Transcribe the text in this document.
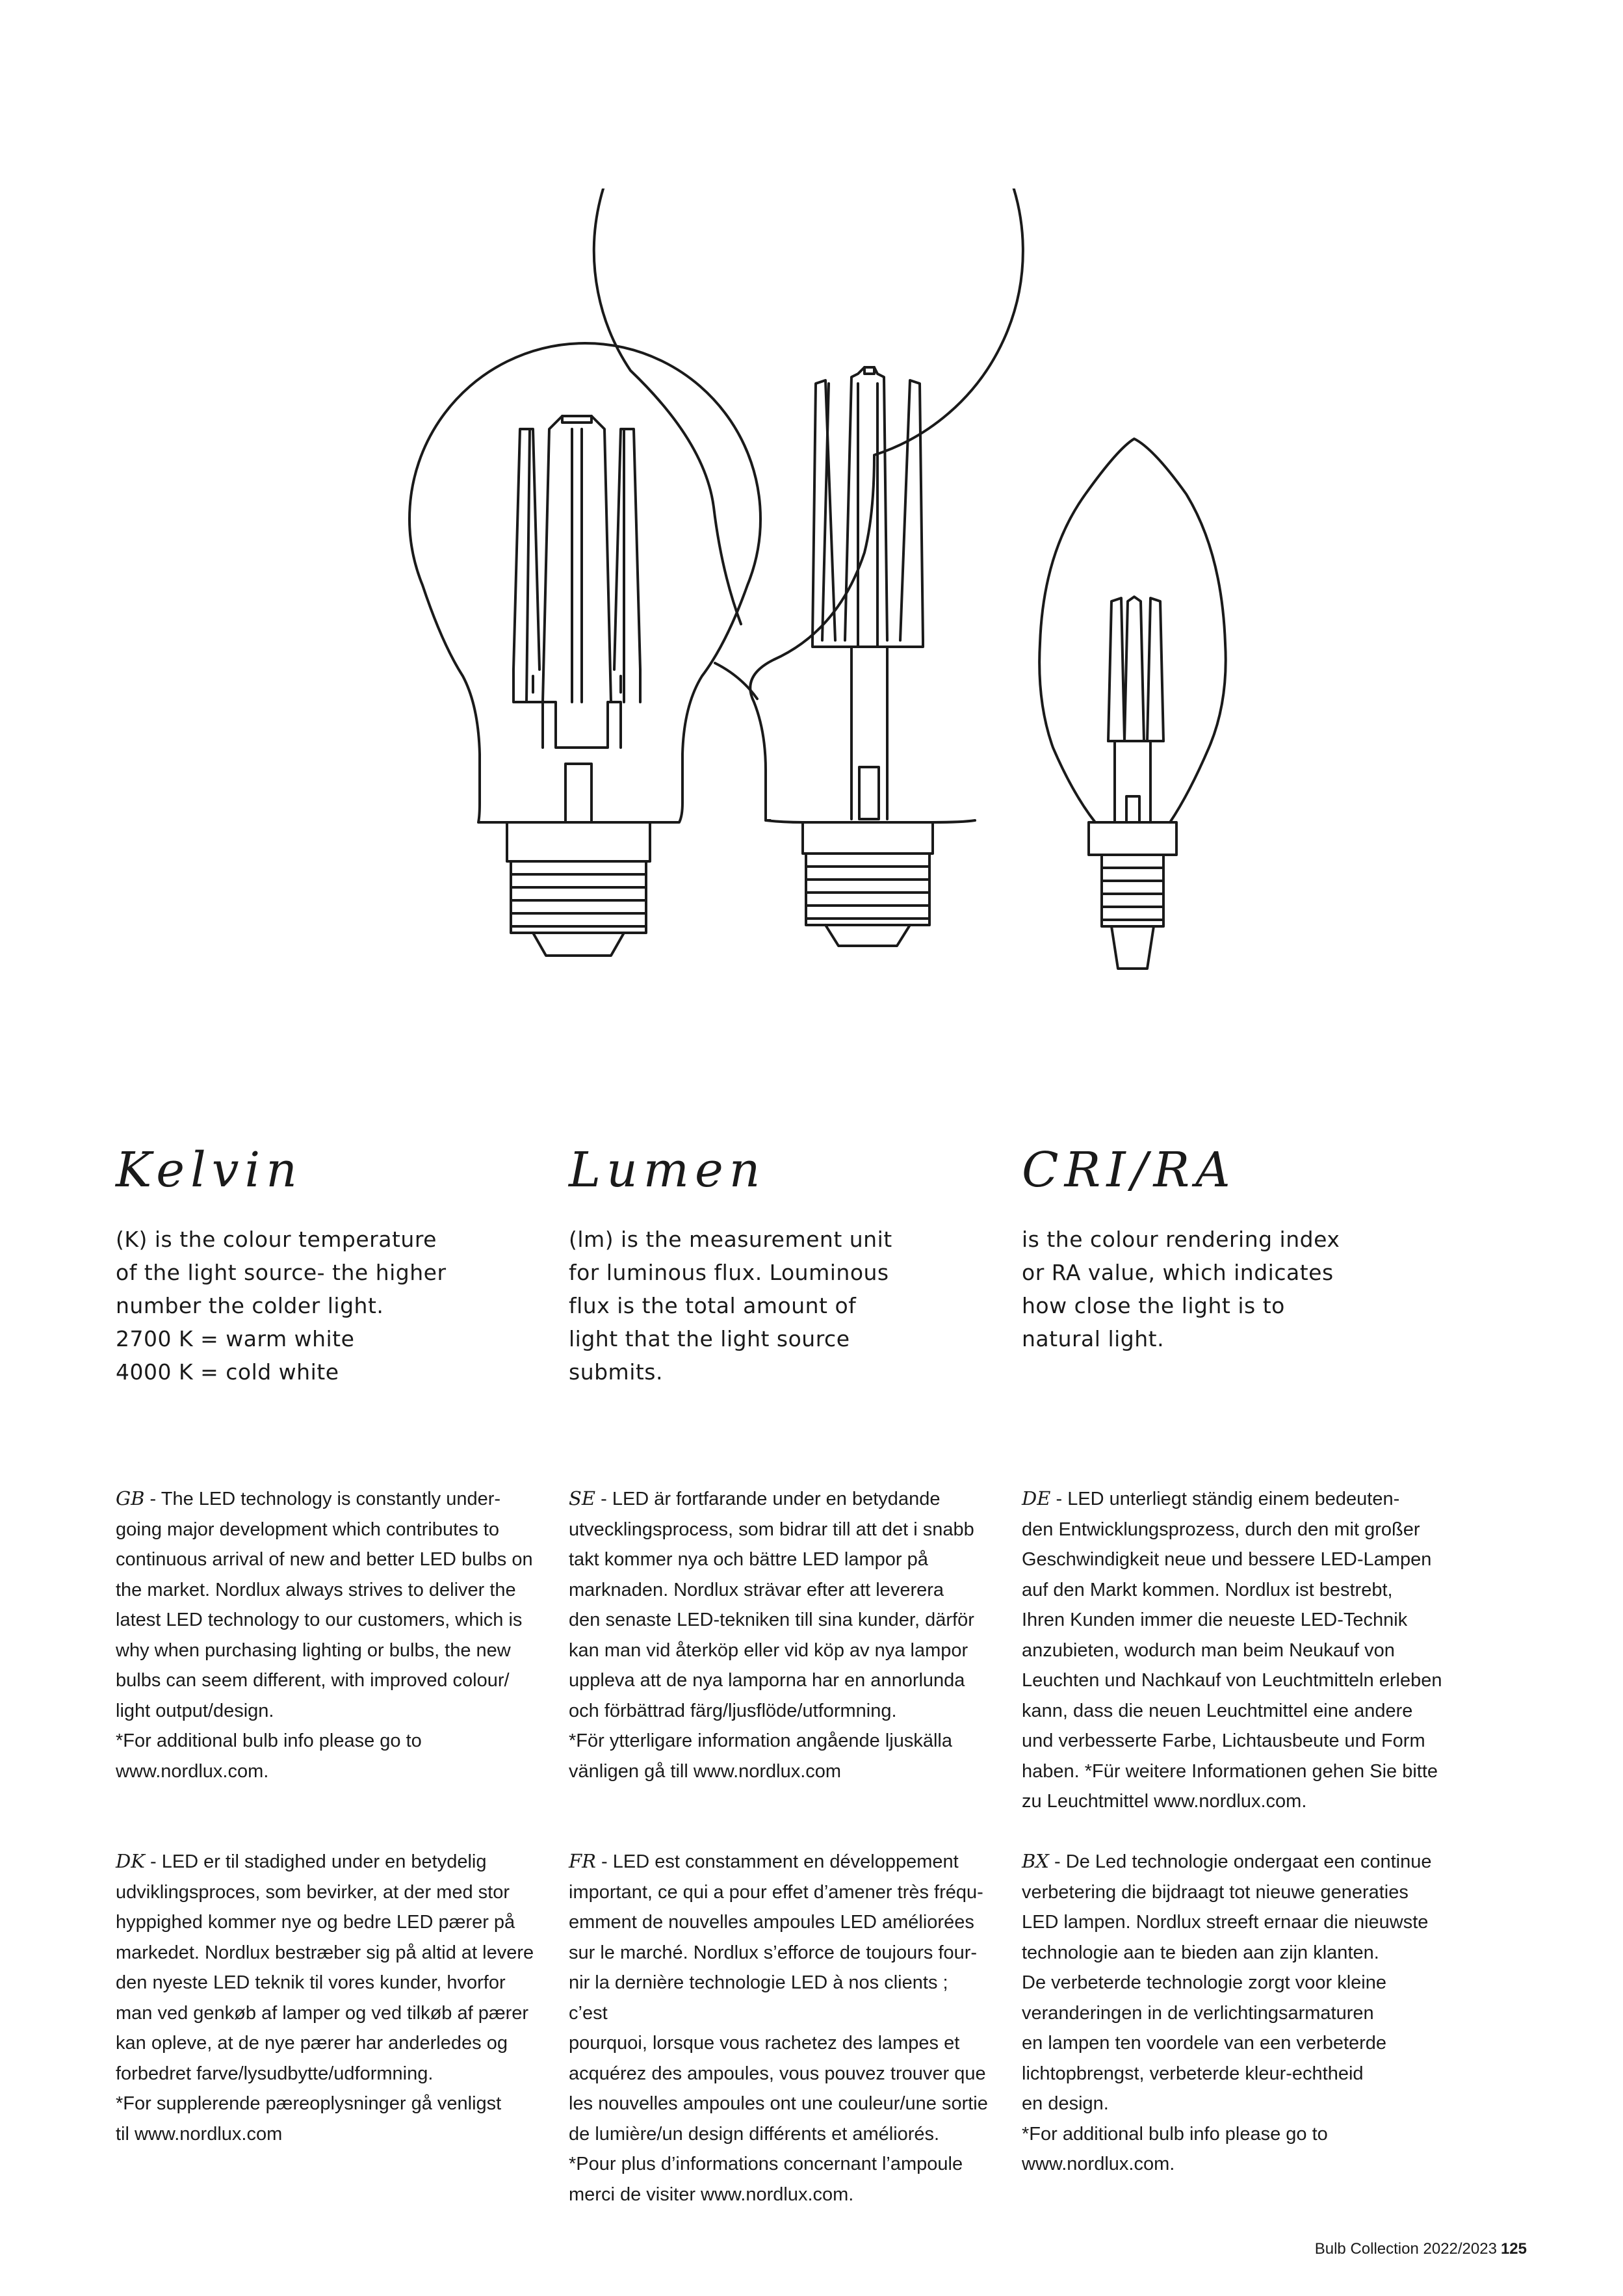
Kelvin

(K) is the colour temperature
of the light source- the higher
number the colder light.
2700 K = warm white
4000 K = cold white

Lumen

(lm) is the measurement unit
for luminous flux. Louminous
flux is the total amount of
light that the light source
submits.

CRI/RA

is the colour rendering index
or RA value, which indicates
how close the light is to
natural light.

GB - The LED technology is constantly under-
going major development which contributes to
continuous arrival of new and better LED bulbs on
the market. Nordlux always strives to deliver the
latest LED technology to our customers, which is
why when purchasing lighting or bulbs, the new
bulbs can seem different, with improved colour/
light output/design.
*For additional bulb info please go to
www.nordlux.com.

SE - LED är fortfarande under en betydande
utvecklingsprocess, som bidrar till att det i snabb
takt kommer nya och bättre LED lampor på
marknaden. Nordlux strävar efter att leverera
den senaste LED-tekniken till sina kunder, därför
kan man vid återköp eller vid köp av nya lampor
uppleva att de nya lamporna har en annorlunda
och förbättrad färg/ljusflöde/utformning.
*För ytterligare information angående ljuskälla
vänligen gå till www.nordlux.com

DE - LED unterliegt ständig einem bedeuten-
den Entwicklungsprozess, durch den mit großer
Geschwindigkeit neue und bessere LED-Lampen
auf den Markt kommen. Nordlux ist bestrebt,
Ihren Kunden immer die neueste LED-Technik
anzubieten, wodurch man beim Neukauf von
Leuchten und Nachkauf von Leuchtmitteln erleben
kann, dass die neuen Leuchtmittel eine andere
und verbesserte Farbe, Lichtausbeute und Form
haben. *Für weitere Informationen gehen Sie bitte
zu Leuchtmittel www.nordlux.com.

DK - LED er til stadighed under en betydelig
udviklingsproces, som bevirker, at der med stor
hyppighed kommer nye og bedre LED pærer på
markedet. Nordlux bestræber sig på altid at levere
den nyeste LED teknik til vores kunder, hvorfor
man ved genkøb af lamper og ved tilkøb af pærer
kan opleve, at de nye pærer har anderledes og
forbedret farve/lysudbytte/udformning.
*For supplerende pæreoplysninger gå venligst
til www.nordlux.com

FR - LED est constamment en développement
important, ce qui a pour effet d’amener très fréqu-
emment de nouvelles ampoules LED améliorées
sur le marché. Nordlux s’efforce de toujours four-
nir la dernière technologie LED à nos clients ; c’est
pourquoi, lorsque vous rachetez des lampes et
acquérez des ampoules, vous pouvez trouver que
les nouvelles ampoules ont une couleur/une sortie
de lumière/un design différents et améliorés.
*Pour plus d’informations concernant l’ampoule
merci de visiter www.nordlux.com.

BX - De Led technologie ondergaat een continue
verbetering die bijdraagt tot nieuwe generaties
LED lampen. Nordlux streeft ernaar die nieuwste
technologie aan te bieden aan zijn klanten.
De verbeterde technologie zorgt voor kleine
veranderingen in de verlichtingsarmaturen
en lampen ten voordele van een verbeterde
lichtopbrengst, verbeterde kleur-echtheid
en design.
*For additional bulb info please go to
www.nordlux.com.

Bulb Collection 2022/2023 125
